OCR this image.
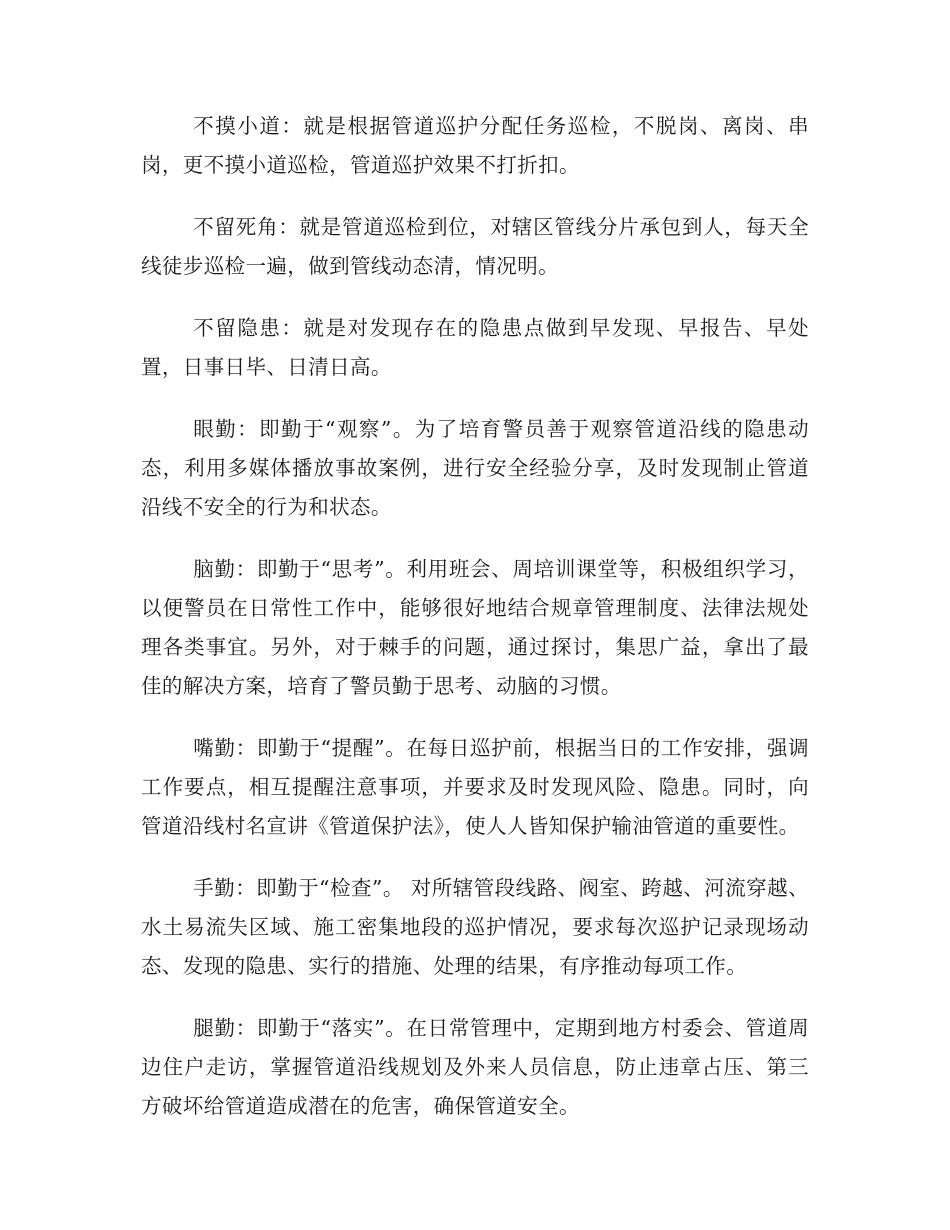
不摸小道：就是根据管道巡护分配任务巡检，不脱岗、离岗、串岗，更不摸小道巡检，管道巡护效果不打折扣。

不留死角：就是管道巡检到位，对辖区管线分片承包到人，每天全线徒步巡检一遍，做到管线动态清，情况明。

不留隐患：就是对发现存在的隐患点做到早发现、早报告、早处置，日事日毕、日清日高。

眼勤：即勤于“观察”。为了培育警员善于观察管道沿线的隐患动态，利用多媒体播放事故案例，进行安全经验分享，及时发现制止管道沿线不安全的行为和状态。

脑勤：即勤于“思考”。利用班会、周培训课堂等，积极组织学习，以便警员在日常性工作中，能够很好地结合规章管理制度、法律法规处理各类事宜。另外，对于棘手的问题，通过探讨，集思广益，拿出了最佳的解决方案，培育了警员勤于思考、动脑的习惯。

嘴勤：即勤于“提醒”。在每日巡护前，根据当日的工作安排，强调工作要点，相互提醒注意事项，并要求及时发现风险、隐患。同时，向管道沿线村名宣讲《管道保护法》，使人人皆知保护输油管道的重要性。

手勤：即勤于“检查”。 对所辖管段线路、阀室、跨越、河流穿越、水土易流失区域、施工密集地段的巡护情况，要求每次巡护记录现场动态、发现的隐患、实行的措施、处理的结果，有序推动每项工作。

腿勤：即勤于“落实”。在日常管理中，定期到地方村委会、管道周边住户走访，掌握管道沿线规划及外来人员信息，防止违章占压、第三方破坏给管道造成潜在的危害，确保管道安全。
